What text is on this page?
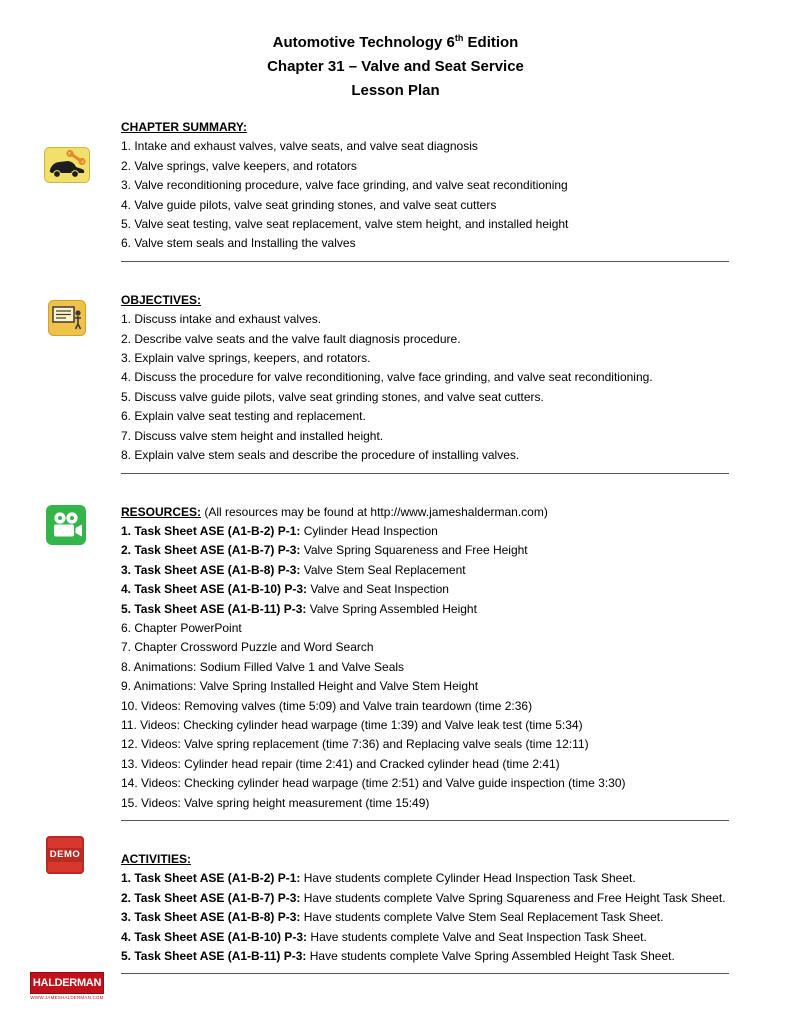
Automotive Technology 6th Edition
Chapter 31 – Valve and Seat Service
Lesson Plan
DEMO
CHAPTER SUMMARY:
1. Intake and exhaust valves, valve seats, and valve seat diagnosis
2. Valve springs, valve keepers, and rotators
3. Valve reconditioning procedure, valve face grinding, and valve seat reconditioning
4. Valve guide pilots, valve seat grinding stones, and valve seat cutters
5. Valve seat testing, valve seat replacement, valve stem height, and installed height
6. Valve stem seals and Installing the valves
OBJECTIVES:
1. Discuss intake and exhaust valves.
2. Describe valve seats and the valve fault diagnosis procedure.
3. Explain valve springs, keepers, and rotators.
4. Discuss the procedure for valve reconditioning, valve face grinding, and valve seat reconditioning.
5. Discuss valve guide pilots, valve seat grinding stones, and valve seat cutters.
6. Explain valve seat testing and replacement.
7. Discuss valve stem height and installed height.
8. Explain valve stem seals and describe the procedure of installing valves.
RESOURCES: (All resources may be found at http://www.jameshalderman.com)
1. Task Sheet ASE (A1-B-2) P-1: Cylinder Head Inspection
2. Task Sheet ASE (A1-B-7) P-3: Valve Spring Squareness and Free Height
3. Task Sheet ASE (A1-B-8) P-3: Valve Stem Seal Replacement
4. Task Sheet ASE (A1-B-10) P-3: Valve and Seat Inspection
5. Task Sheet ASE (A1-B-11) P-3: Valve Spring Assembled Height
6. Chapter PowerPoint
7. Chapter Crossword Puzzle and Word Search
8. Animations: Sodium Filled Valve 1 and Valve Seals
9. Animations: Valve Spring Installed Height and Valve Stem Height
10. Videos: Removing valves (time 5:09) and Valve train teardown (time 2:36)
11. Videos: Checking cylinder head warpage (time 1:39) and Valve leak test (time 5:34)
12. Videos: Valve spring replacement (time 7:36) and Replacing valve seals (time 12:11)
13. Videos: Cylinder head repair (time 2:41) and Cracked cylinder head (time 2:41)
14. Videos: Checking cylinder head warpage (time 2:51) and Valve guide inspection (time 3:30)
15. Videos: Valve spring height measurement (time 15:49)
ACTIVITIES:
1. Task Sheet ASE (A1-B-2) P-1: Have students complete Cylinder Head Inspection Task Sheet.
2. Task Sheet ASE (A1-B-7) P-3: Have students complete Valve Spring Squareness and Free Height Task Sheet.
3. Task Sheet ASE (A1-B-8) P-3: Have students complete Valve Stem Seal Replacement Task Sheet.
4. Task Sheet ASE (A1-B-10) P-3: Have students complete Valve and Seat Inspection Task Sheet.
5. Task Sheet ASE (A1-B-11) P-3: Have students complete Valve Spring Assembled Height Task Sheet.
HALDERMAN
WWW.JAMESHALDERMAN.COM
